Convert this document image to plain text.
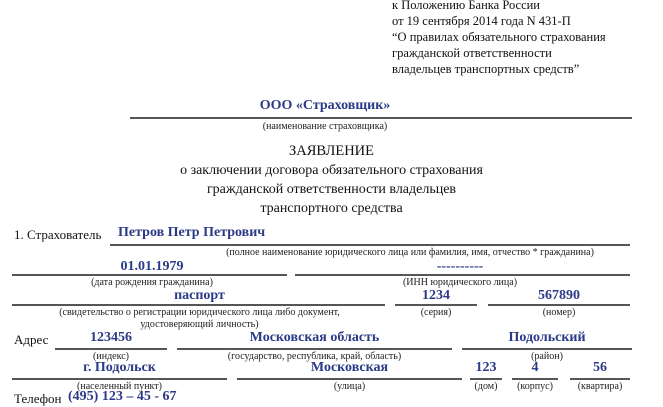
к Положению Банка России
от 19 сентября 2014 года N 431-П
“О правилах обязательного страхования
гражданской ответственности
владельцев транспортных средств”
ООО «Страховщик»
(наименование страховщика)
ЗАЯВЛЕНИЕ
о заключении договора обязательного страхования
гражданской ответственности владельцев
транспортного средства
1. Страхователь Петров Петр Петрович
(полное наименование юридического лица или фамилия, имя, отчество * гражданина)
01.01.1979
(дата рождения гражданина)
----------
(ИНН юридического лица)
паспорт
(свидетельство о регистрации юридического лица либо документ,
удостоверяющий личность)
1234
(серия)
567890
(номер)
Адрес	123456
(индекс)
Московская область
(государство, республика, край, область)
Подольский
(район)
г. Подольск
(населенный пункт)
Московская
(улица)
123
(дом)
4
(корпус)
56
(квартира)
Телефон (495) 123 – 45 - 67
